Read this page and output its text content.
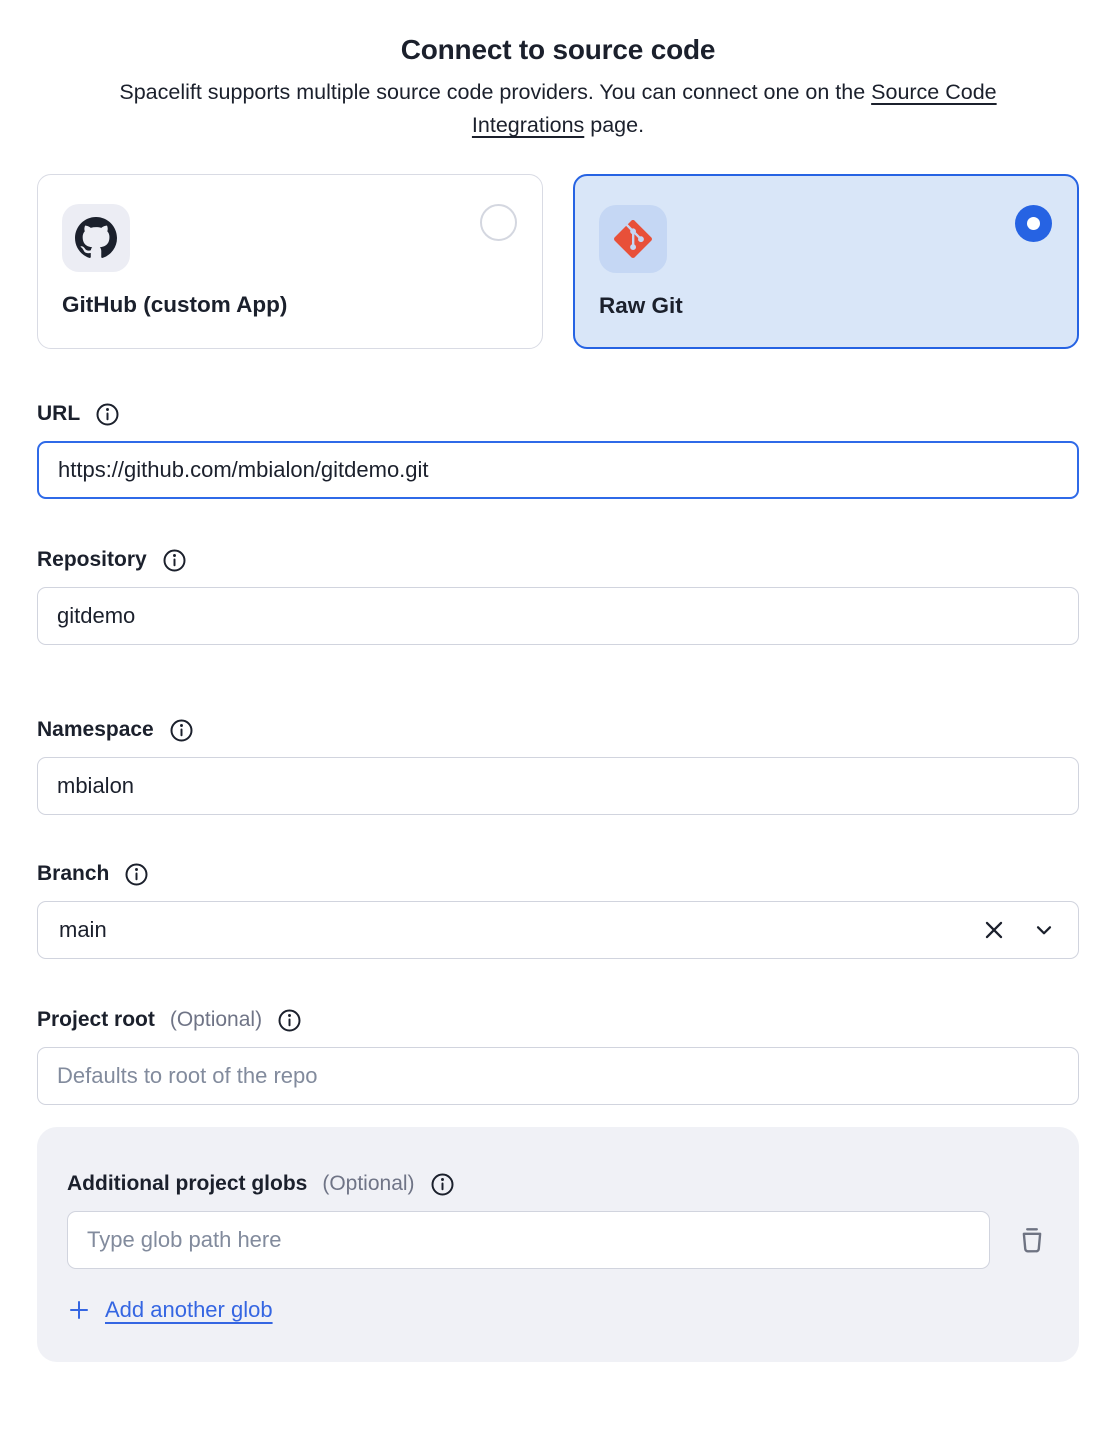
Connect to source code

Spacelift supports multiple source code providers. You can connect one on the Source Code Integrations page.

GitHub (custom App)	Raw Git
URL
https://github.com/mbialon/gitdemo.git
Repository
gitdemo
Namespace
mbialon
Branch
main
Project root (Optional)
Defaults to root of the repo
Additional project globs (Optional)
Type glob path here
Add another glob
